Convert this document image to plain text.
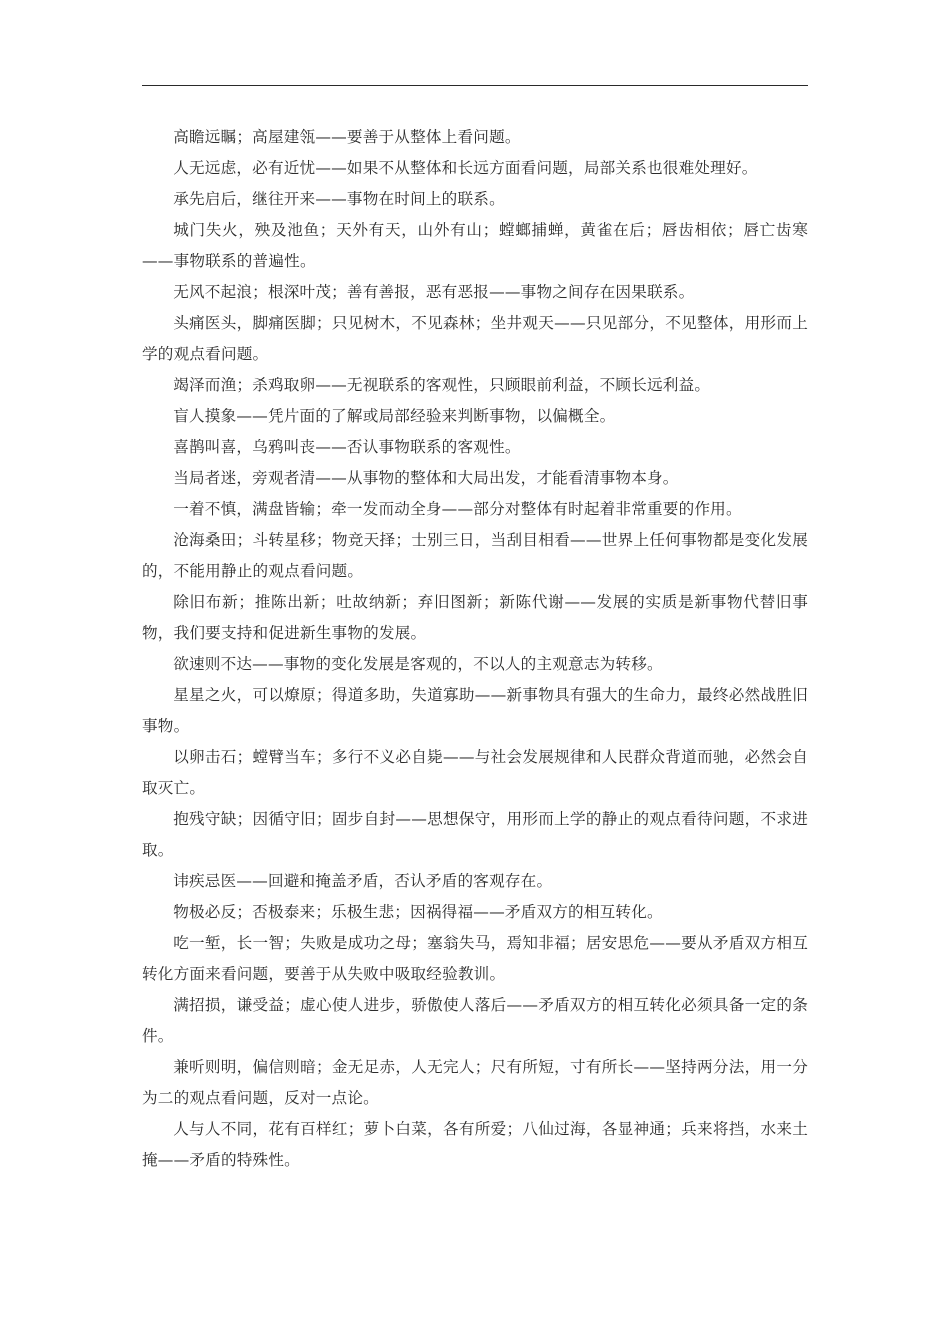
高瞻远瞩；高屋建瓴——要善于从整体上看问题。

人无远虑，必有近忧——如果不从整体和长远方面看问题，局部关系也很难处理好。

承先启后，继往开来——事物在时间上的联系。

城门失火，殃及池鱼；天外有天，山外有山；螳螂捕蝉，黄雀在后；唇齿相依；唇亡齿寒——事物联系的普遍性。

无风不起浪；根深叶茂；善有善报，恶有恶报——事物之间存在因果联系。

头痛医头，脚痛医脚；只见树木，不见森林；坐井观天——只见部分，不见整体，用形而上学的观点看问题。

竭泽而渔；杀鸡取卵——无视联系的客观性，只顾眼前利益，不顾长远利益。

盲人摸象——凭片面的了解或局部经验来判断事物，以偏概全。

喜鹊叫喜，乌鸦叫丧——否认事物联系的客观性。

当局者迷，旁观者清——从事物的整体和大局出发，才能看清事物本身。

一着不慎，满盘皆输；牵一发而动全身——部分对整体有时起着非常重要的作用。

沧海桑田；斗转星移；物竞天择；士别三日，当刮目相看——世界上任何事物都是变化发展的，不能用静止的观点看问题。

除旧布新；推陈出新；吐故纳新；弃旧图新；新陈代谢——发展的实质是新事物代替旧事物，我们要支持和促进新生事物的发展。

欲速则不达——事物的变化发展是客观的，不以人的主观意志为转移。

星星之火，可以燎原；得道多助，失道寡助——新事物具有强大的生命力，最终必然战胜旧事物。

以卵击石；螳臂当车；多行不义必自毙——与社会发展规律和人民群众背道而驰，必然会自取灭亡。

抱残守缺；因循守旧；固步自封——思想保守，用形而上学的静止的观点看待问题，不求进取。

讳疾忌医——回避和掩盖矛盾，否认矛盾的客观存在。

物极必反；否极泰来；乐极生悲；因祸得福——矛盾双方的相互转化。

吃一堑，长一智；失败是成功之母；塞翁失马，焉知非福；居安思危——要从矛盾双方相互转化方面来看问题，要善于从失败中吸取经验教训。

满招损，谦受益；虚心使人进步，骄傲使人落后——矛盾双方的相互转化必须具备一定的条件。

兼听则明，偏信则暗；金无足赤，人无完人；尺有所短，寸有所长——坚持两分法，用一分为二的观点看问题，反对一点论。

人与人不同，花有百样红；萝卜白菜，各有所爱；八仙过海，各显神通；兵来将挡，水来土掩——矛盾的特殊性。
